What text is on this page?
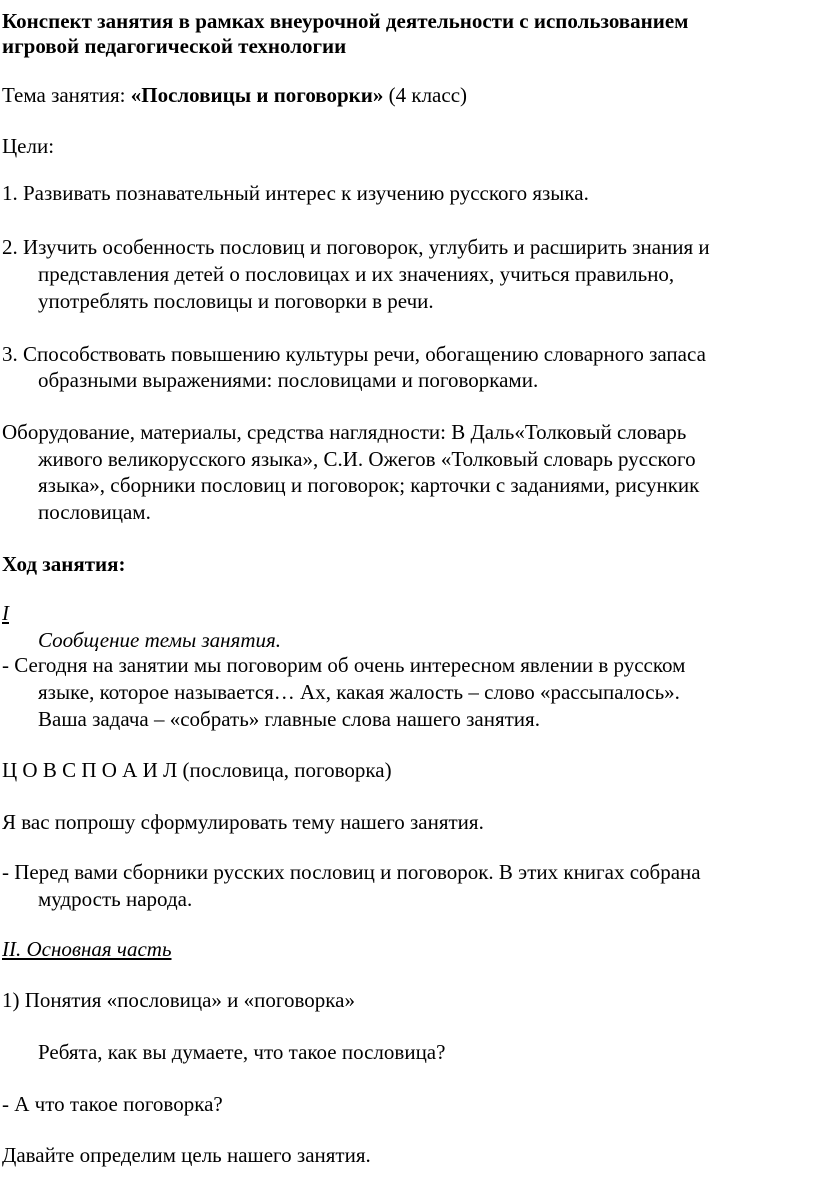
Конспект занятия в рамках внеурочной деятельности с использованием
игровой педагогической технологии
Тема занятия: «Пословицы и поговорки» (4 класс)
Цели:
1. Развивать познавательный интерес к изучению русского языка.
2. Изучить особенность пословиц и поговорок, углубить и расширить знания и
представления детей о пословицах и их значениях, учиться правильно,
употреблять пословицы и поговорки в речи.
3. Способствовать повышению культуры речи, обогащению словарного запаса
образными выражениями: пословицами и поговорками.
Оборудование, материалы, средства наглядности: В Даль«Толковый словарь
живого великорусского языка», С.И. Ожегов «Толковый словарь русского
языка», сборники пословиц и поговорок; карточки с заданиями, рисункик
пословицам.
Ход занятия:
I
Сообщение темы занятия.
- Сегодня на занятии мы поговорим об очень интересном явлении в русском
языке, которое называется… Ах, какая жалость – слово «рассыпалось».
Ваша задача – «собрать» главные слова нашего занятия.
Ц О В С П О А И Л (пословица, поговорка)
Я вас попрошу сформулировать тему нашего занятия.
- Перед вами сборники русских пословиц и поговорок. В этих книгах собрана
мудрость народа.
II. Основная часть
1) Понятия «пословица» и «поговорка»
Ребята, как вы думаете, что такое пословица?
- А что такое поговорка?
Давайте определим цель нашего занятия.
